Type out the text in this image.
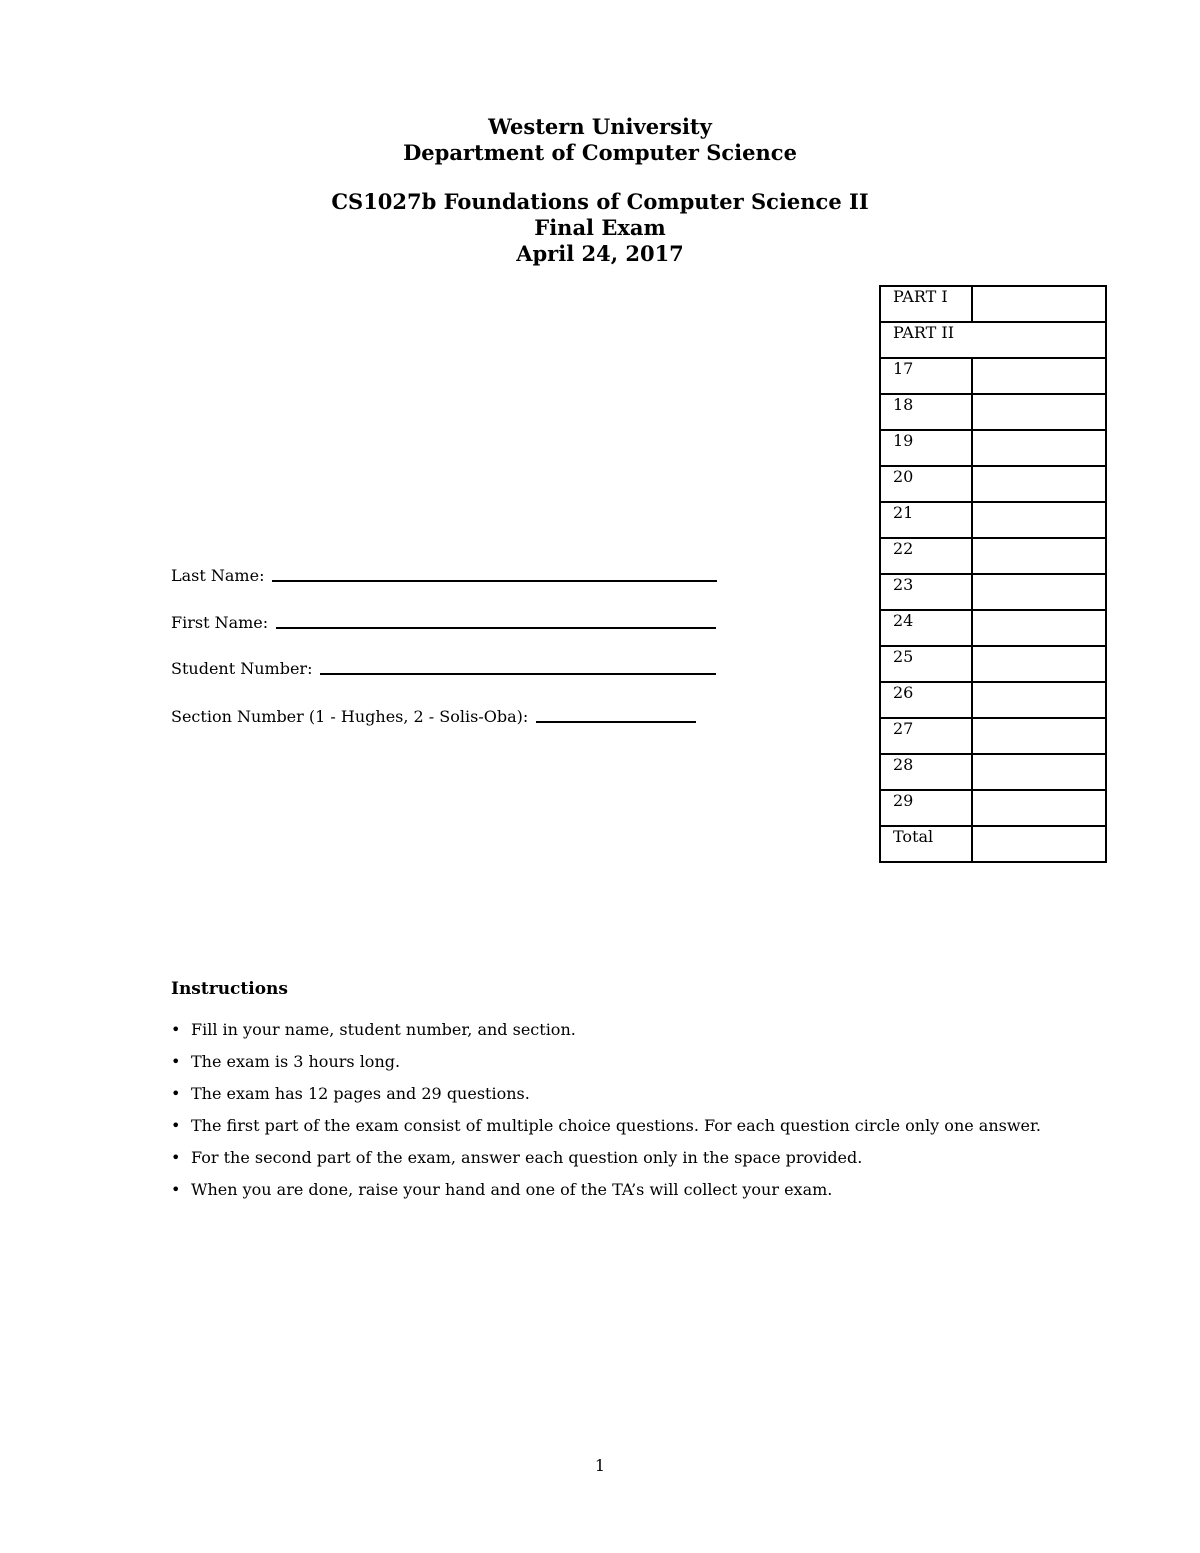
Western University
Department of Computer Science
CS1027b Foundations of Computer Science II
Final Exam
April 24, 2017
PART I	
PART II	
17	
18	
19	
20	
21	
22	
23	
24	
25	
26	
27	
28	
29	
Total	
Last Name:
First Name:
Student Number:
Section Number (1 - Hughes, 2 - Solis-Oba):
Instructions
• Fill in your name, student number, and section.
• The exam is 3 hours long.
• The exam has 12 pages and 29 questions.
• The first part of the exam consist of multiple choice questions. For each question circle only one answer.
• For the second part of the exam, answer each question only in the space provided.
• When you are done, raise your hand and one of the TA’s will collect your exam.
1
